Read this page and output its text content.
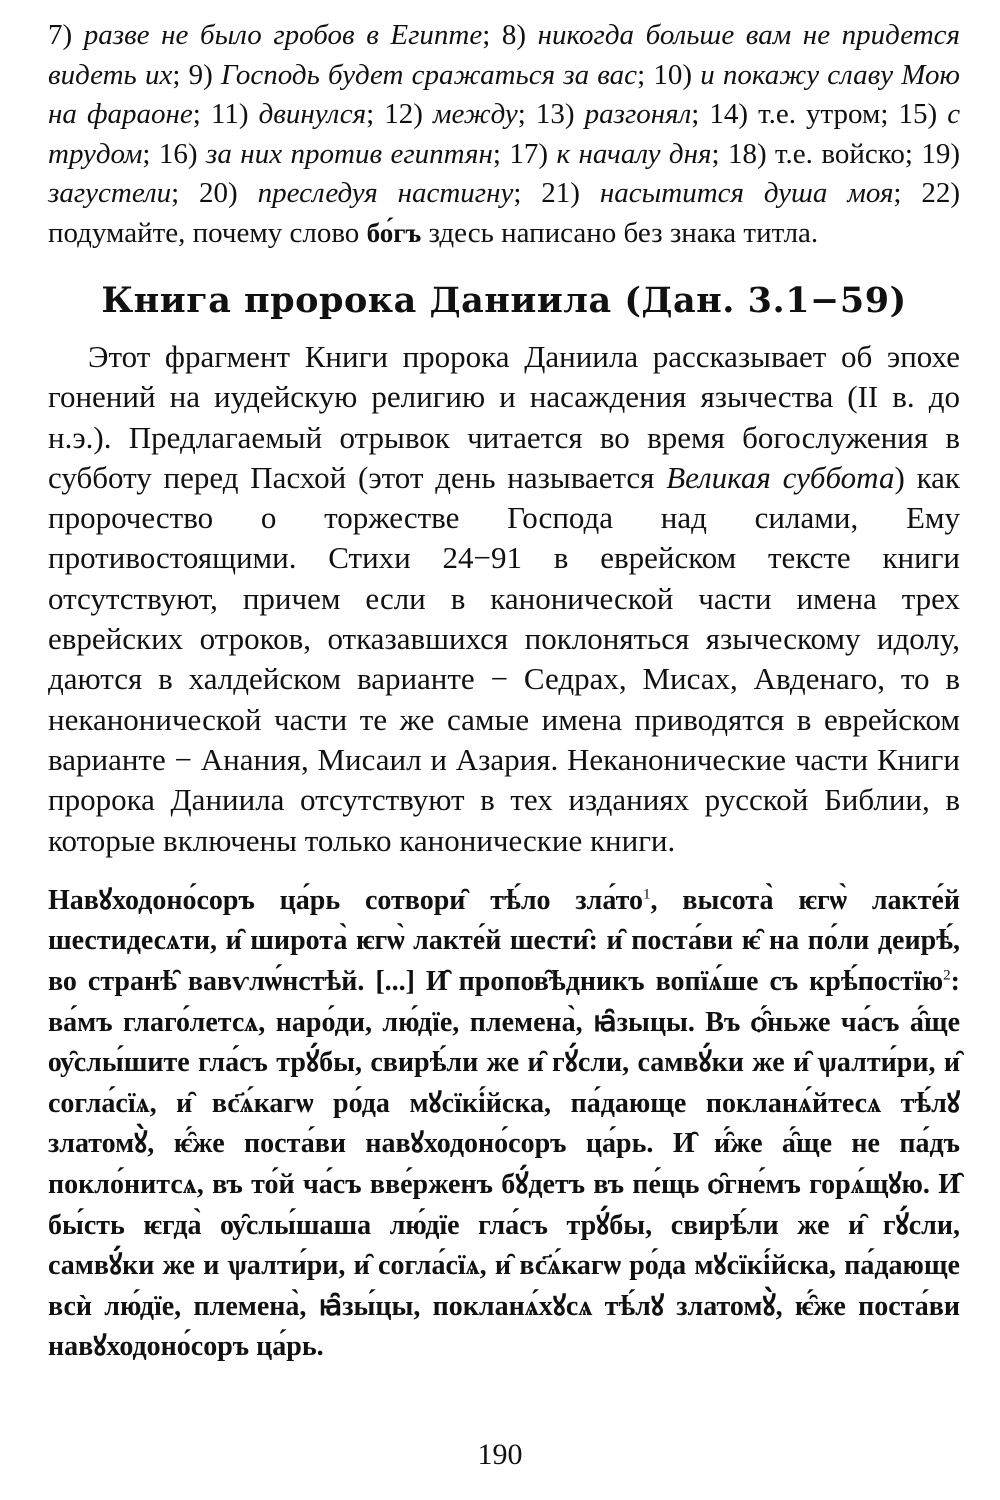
7) разве не было гробов в Египте; 8) никогда больше вам не придется видеть их; 9) Господь будет сражаться за вас; 10) и покажу славу Мою на фараоне; 11) двинулся; 12) между; 13) разгонял; 14) т.е. утром; 15) с трудом; 16) за них против египтян; 17) к началу дня; 18) т.е. войско; 19) загустели; 20) преследуя настигну; 21) насытится душа моя; 22) подумайте, почему слово бо́гъ здесь написано без знака титла.

Книга пророка Даниила (Дан. 3.1−59)

Этот фрагмент Книги пророка Даниила рассказывает об эпохе гонений на иудейскую религию и насаждения язычества (II в. до н.э.). Предлагаемый отрывок читается во время богослужения в субботу перед Пасхой (этот день называется Великая суббота) как пророчество о торжестве Господа над силами, Ему противостоящими. Стихи 24−91 в еврейском тексте книги отсутствуют, причем если в канонической части имена трех еврейских отроков, отказавшихся поклоняться языческому идолу, даются в халдейском варианте − Седрах, Мисах, Авденаго, то в неканонической части те же самые имена приводятся в еврейском варианте − Анания, Мисаил и Азария. Неканонические части Книги пророка Даниила отсутствуют в тех изданиях русской Библии, в которые включены только канонические книги.

Навꙋходоно́соръ ца́рь сотвори̑ тѣ́ло $зла́то^1$, высота̀ ѥгѡ̀ лакте́й шестидесѧти, и̑ широта̀ ѥгѡ̀ лакте́й шести̑: и̑ поста́ви ѥ̑ на по́ли деирѣ́, во странѣ̑ вавѵлѡ́нстѣй. [...] И̑ пропов̑ѣдникъ вопїѧ́ше съ крѣ́постїю$^2$: ва́мъ глаго́летсѧ, наро́ди, лю́дїе, племена̀, ꙗ̑зыцы. Въ ѻ̑́ньже ча́съ а̑́ще ѹ̑слы́шите гла́съ трꙋ́бы, свирѣ́ли же и̑ гꙋ́сли, самвꙋ́ки же и̑ ѱалти́ри, и̑ согла́сїѧ, и̑ вс҃ѧ́кагѡ ро́да мꙋсїкі́йска, па́дающе покланѧ́йтесѧ тѣ́лꙋ златомꙋ̀, ѥ̑́же поста́ви навꙋходоно́соръ ца́рь. И̑ и̑́же а̑́ще не па́дъ покло́нитсѧ, въ то́й ча́съ вве́рженъ бꙋ́детъ въ пе́щь ѻ̑гне́мъ горѧ́щꙋю. И̑ бы́сть ѥгда̀ ѹ̑слы́шаша лю́дїе гла́съ трꙋ́бы, свирѣ́ли же и̑ гꙋ́сли, самвꙋ́ки же и ѱалти́ри, и̑ согла́сїѧ, и̑ вс҃ѧ́кагѡ ро́да мꙋсїкі́йска, па́дающе всѝ лю́дїе, племена̀, ꙗ̑зы́цы, покланѧ́хꙋсѧ тѣ́лꙋ златомꙋ̀, ѥ̑́же поста́ви навꙋходоно́соръ ца́рь.

190
